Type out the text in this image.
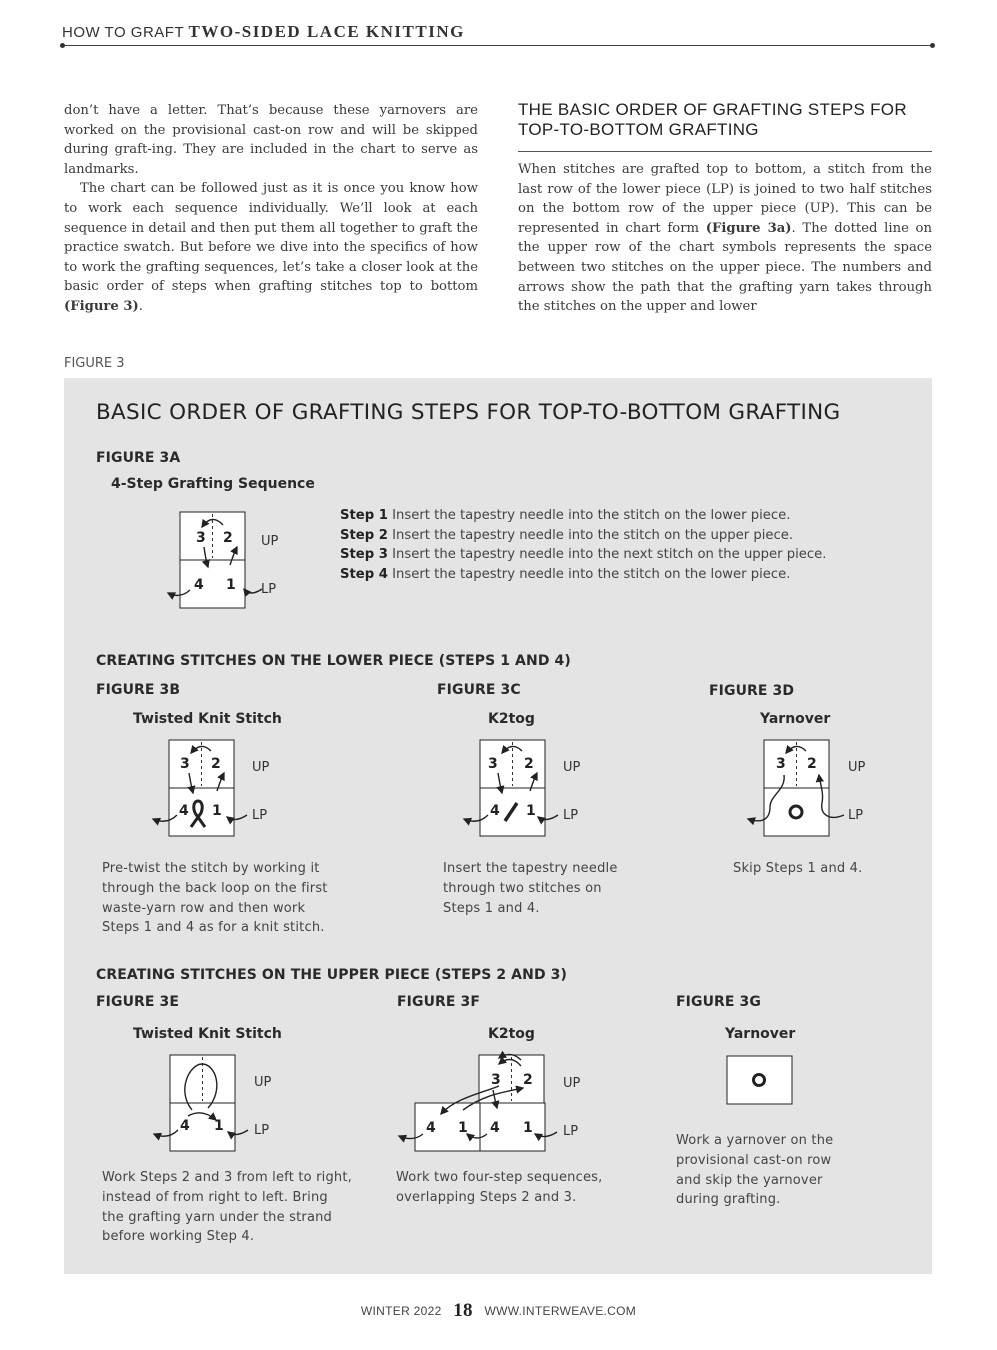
HOW TO GRAFT TWO-SIDED LACE KNITTING

don’t have a letter. That’s because these yarnovers are worked on the provisional cast-on row and will be skipped during graft-ing. They are included in the chart to serve as landmarks.

The chart can be followed just as it is once you know how to work each sequence individually. We’ll look at each sequence in detail and then put them all together to graft the practice swatch. But before we dive into the specifics of how to work the grafting sequences, let’s take a closer look at the basic order of steps when grafting stitches top to bottom (Figure 3).

THE BASIC ORDER OF GRAFTING STEPS FOR TOP-TO-BOTTOM GRAFTING

When stitches are grafted top to bottom, a stitch from the last row of the lower piece (LP) is joined to two half stitches on the bottom row of the upper piece (UP). This can be represented in chart form (Figure 3a). The dotted line on the upper row of the chart symbols represents the space between two stitches on the upper piece. The numbers and arrows show the path that the grafting yarn takes through the stitches on the upper and lower

FIGURE 3
BASIC ORDER OF GRAFTING STEPS FOR TOP-TO-BOTTOM GRAFTING
FIGURE 3A
4-Step Grafting Sequence
3 2
4 1
UP
LP
Step 1 Insert the tapestry needle into the stitch on the lower piece.
Step 2 Insert the tapestry needle into the stitch on the upper piece.
Step 3 Insert the tapestry needle into the next stitch on the upper piece.
Step 4 Insert the tapestry needle into the stitch on the lower piece.
CREATING STITCHES ON THE LOWER PIECE (STEPS 1 AND 4)
FIGURE 3B
Twisted Knit Stitch
3 2
4 1
UP
LP
Pre-twist the stitch by working it
through the back loop on the first
waste-yarn row and then work
Steps 1 and 4 as for a knit stitch.
FIGURE 3C
K2tog
3 2
4 1
UP
LP
Insert the tapestry needle
through two stitches on
Steps 1 and 4.
FIGURE 3D
Yarnover
3 2 UP
LP
Skip Steps 1 and 4.
CREATING STITCHES ON THE UPPER PIECE (STEPS 2 AND 3)
FIGURE 3E
Twisted Knit Stitch
4 1
UP
LP
Work Steps 2 and 3 from left to right,
instead of from right to left. Bring
the grafting yarn under the strand
before working Step 4.
FIGURE 3F
K2tog
3 2
4 1 4 1
UP
LP
Work two four-step sequences,
overlapping Steps 2 and 3.
FIGURE 3G
Yarnover
Work a yarnover on the
provisional cast-on row
and skip the yarnover
during grafting.
WINTER 2022 18 WWW.INTERWEAVE.COM
